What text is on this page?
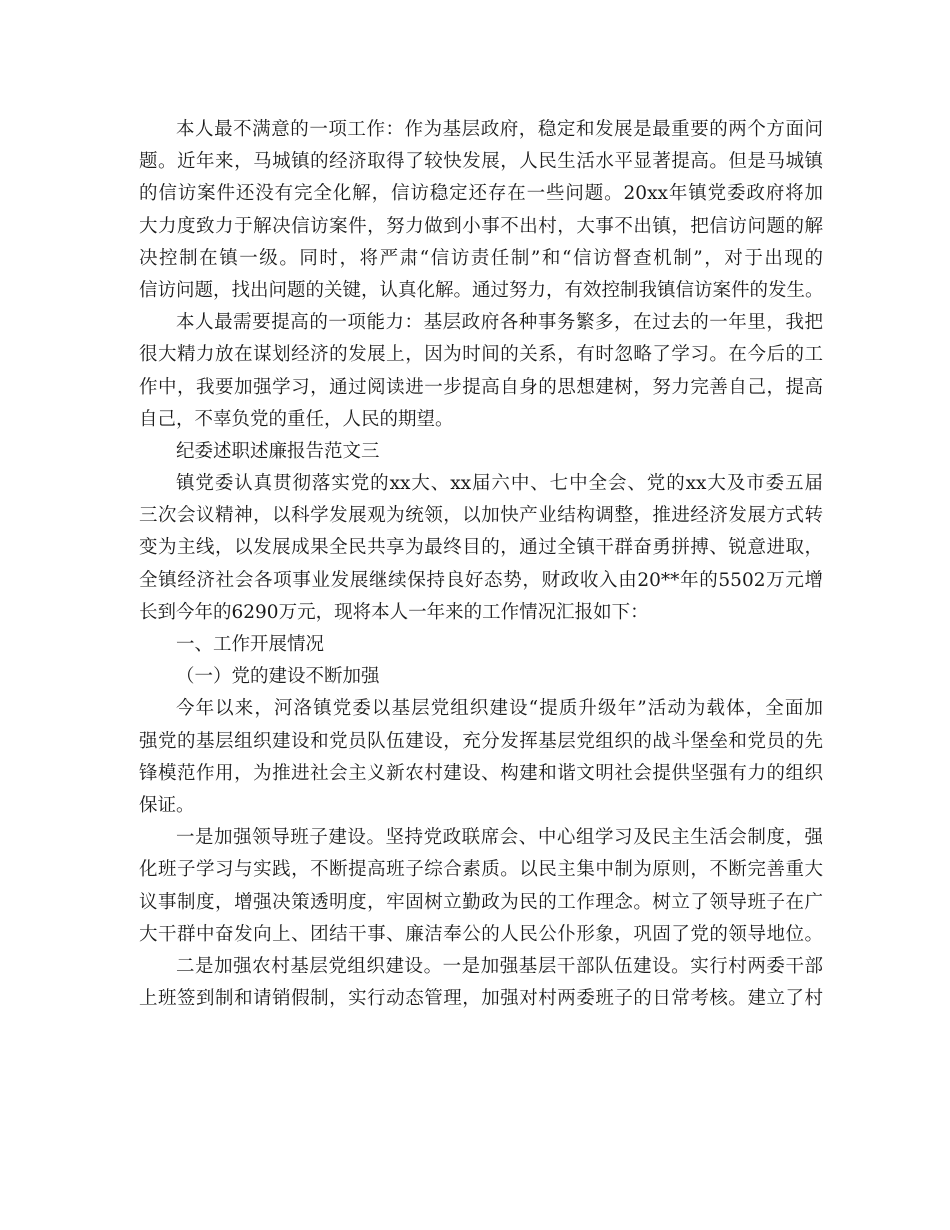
本人最不满意的一项工作：作为基层政府，稳定和发展是最重要的两个方面问
题。近年来，马城镇的经济取得了较快发展，人民生活水平显著提高。但是马城镇
的信访案件还没有完全化解，信访稳定还存在一些问题。20xx年镇党委政府将加
大力度致力于解决信访案件，努力做到小事不出村，大事不出镇，把信访问题的解
决控制在镇一级。同时，将严肃“信访责任制”和“信访督查机制”，对于出现的
信访问题，找出问题的关键，认真化解。通过努力，有效控制我镇信访案件的发生。
本人最需要提高的一项能力：基层政府各种事务繁多，在过去的一年里，我把
很大精力放在谋划经济的发展上，因为时间的关系，有时忽略了学习。在今后的工
作中，我要加强学习，通过阅读进一步提高自身的思想建树，努力完善自己，提高
自己，不辜负党的重任，人民的期望。
纪委述职述廉报告范文三
镇党委认真贯彻落实党的xx大、xx届六中、七中全会、党的xx大及市委五届
三次会议精神，以科学发展观为统领，以加快产业结构调整，推进经济发展方式转
变为主线，以发展成果全民共享为最终目的，通过全镇干群奋勇拼搏、锐意进取，
全镇经济社会各项事业发展继续保持良好态势，财政收入由20**年的5502万元增
长到今年的6290万元，现将本人一年来的工作情况汇报如下：
一、工作开展情况
（一）党的建设不断加强
今年以来，河洛镇党委以基层党组织建设“提质升级年”活动为载体，全面加
强党的基层组织建设和党员队伍建设，充分发挥基层党组织的战斗堡垒和党员的先
锋模范作用，为推进社会主义新农村建设、构建和谐文明社会提供坚强有力的组织
保证。
一是加强领导班子建设。坚持党政联席会、中心组学习及民主生活会制度，强
化班子学习与实践，不断提高班子综合素质。以民主集中制为原则，不断完善重大
议事制度，增强决策透明度，牢固树立勤政为民的工作理念。树立了领导班子在广
大干群中奋发向上、团结干事、廉洁奉公的人民公仆形象，巩固了党的领导地位。
二是加强农村基层党组织建设。一是加强基层干部队伍建设。实行村两委干部
上班签到制和请销假制，实行动态管理，加强对村两委班子的日常考核。建立了村
